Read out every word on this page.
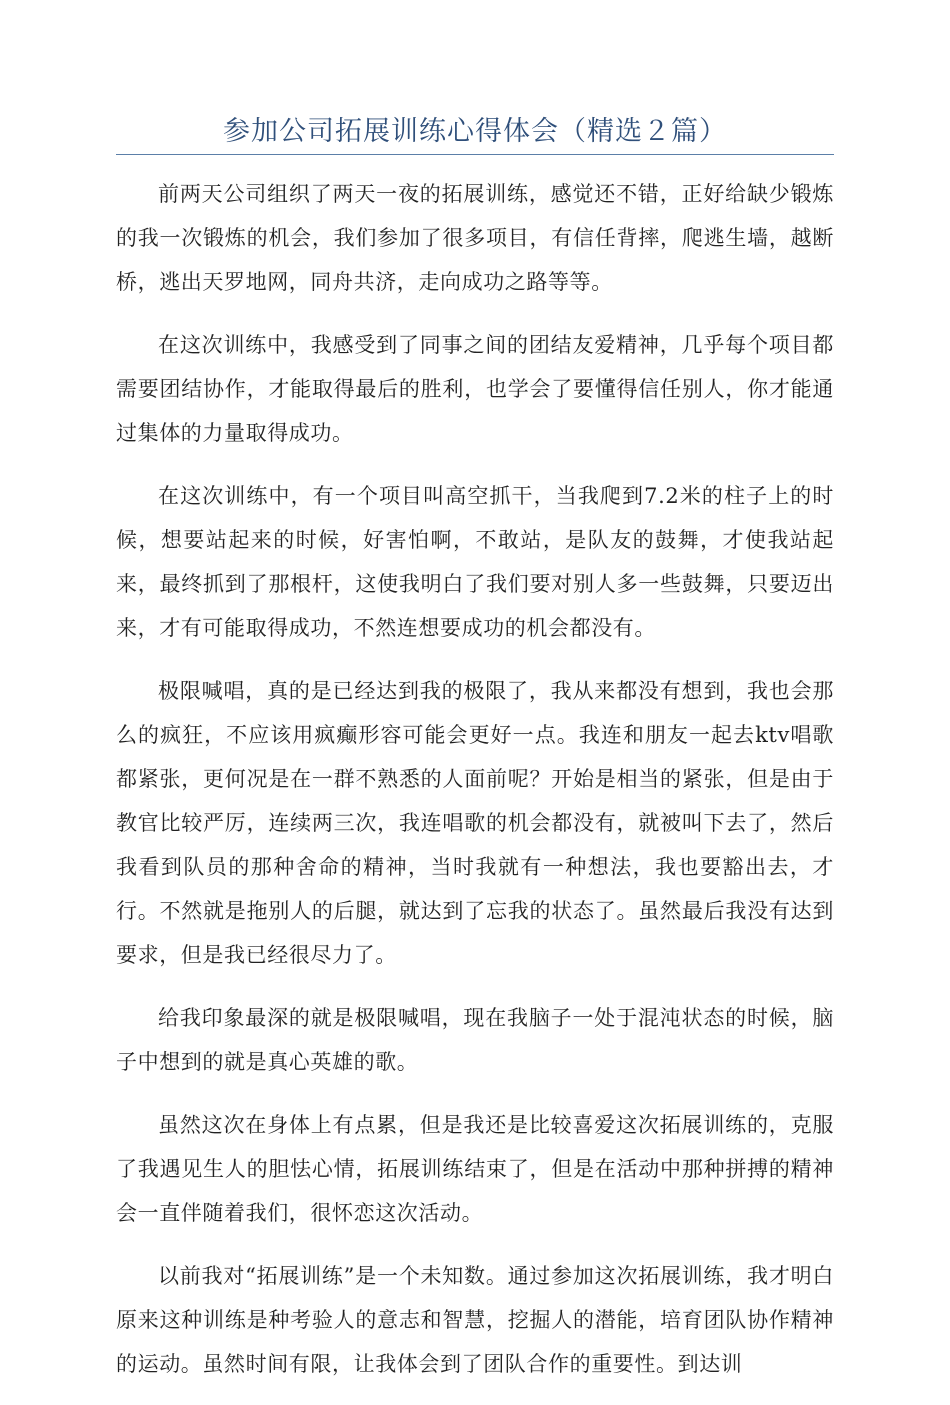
参加公司拓展训练心得体会（精选２篇）

前两天公司组织了两天一夜的拓展训练，感觉还不错，正好给缺少锻炼的我一次锻炼的机会，我们参加了很多项目，有信任背摔，爬逃生墙，越断桥，逃出天罗地网，同舟共济，走向成功之路等等。

在这次训练中，我感受到了同事之间的团结友爱精神，几乎每个项目都需要团结协作，才能取得最后的胜利，也学会了要懂得信任别人，你才能通过集体的力量取得成功。

在这次训练中，有一个项目叫高空抓干，当我爬到7.2米的柱子上的时候，想要站起来的时候，好害怕啊，不敢站，是队友的鼓舞，才使我站起来，最终抓到了那根杆，这使我明白了我们要对别人多一些鼓舞，只要迈出来，才有可能取得成功，不然连想要成功的机会都没有。

极限喊唱，真的是已经达到我的极限了，我从来都没有想到，我也会那么的疯狂，不应该用疯癫形容可能会更好一点。我连和朋友一起去ktv唱歌都紧张，更何况是在一群不熟悉的人面前呢？开始是相当的紧张，但是由于教官比较严厉，连续两三次，我连唱歌的机会都没有，就被叫下去了，然后我看到队员的那种舍命的精神，当时我就有一种想法，我也要豁出去，才行。不然就是拖别人的后腿，就达到了忘我的状态了。虽然最后我没有达到要求，但是我已经很尽力了。

给我印象最深的就是极限喊唱，现在我脑子一处于混沌状态的时候，脑子中想到的就是真心英雄的歌。

虽然这次在身体上有点累，但是我还是比较喜爱这次拓展训练的，克服了我遇见生人的胆怯心情，拓展训练结束了，但是在活动中那种拼搏的精神会一直伴随着我们，很怀恋这次活动。

以前我对“拓展训练”是一个未知数。通过参加这次拓展训练，我才明白原来这种训练是种考验人的意志和智慧，挖掘人的潜能，培育团队协作精神的运动。虽然时间有限，让我体会到了团队合作的重要性。到达训
